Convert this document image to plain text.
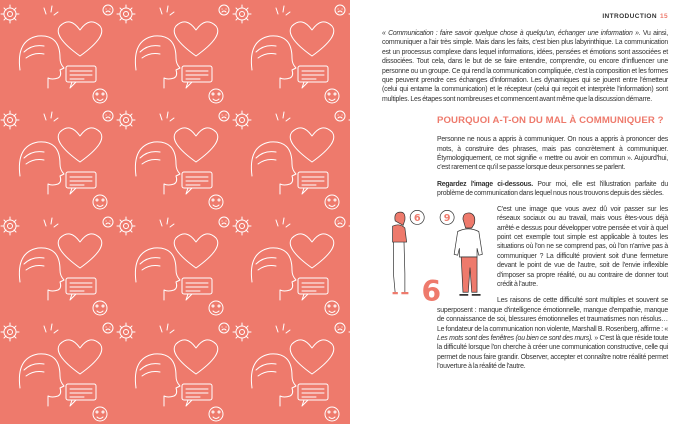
INTRODUCTION 15

« Communication : faire savoir quelque chose à quelqu'un, échanger une information ». Vu ainsi, communiquer a l'air très simple. Mais dans les faits, c'est bien plus labyrinthique. La communication est un processus complexe dans lequel informations, idées, pensées et émotions sont associées et dissociées. Tout cela, dans le but de se faire entendre, comprendre, ou encore d'influencer une personne ou un groupe. Ce qui rend la communication compliquée, c'est la composition et les formes que peuvent prendre ces échanges d'information. Les dynamiques qui se jouent entre l'émetteur (celui qui entame la communication) et le récepteur (celui qui reçoit et interprète l'information) sont multiples. Les étapes sont nombreuses et commencent avant même que la discussion démarre.

POURQUOI A-T-ON DU MAL À COMMUNIQUER ?

Personne ne nous a appris à communiquer. On nous a appris à prononcer des mots, à construire des phrases, mais pas concrètement à communiquer. Étymologiquement, ce mot signifie « mettre ou avoir en commun ». Aujourd'hui, c'est rarement ce qu'il se passe lorsque deux personnes se parlent.

Regardez l'image ci-dessous. Pour moi, elle est l'illustration parfaite du problème de communication dans lequel nous nous trouvons depuis des siècles.

6 9
6

C'est une image que vous avez dû voir passer sur les réseaux sociaux ou au travail, mais vous êtes-vous déjà arrêté·e dessus pour développer votre pensée et voir à quel point cet exemple tout simple est applicable à toutes les situations où l'on ne se comprend pas, où l'on n'arrive pas à communiquer ? La difficulté provient soit d'une fermeture devant le point de vue de l'autre, soit de l'envie inflexible d'imposer sa propre réalité, ou au contraire de donner tout crédit à l'autre.

Les raisons de cette difficulté sont multiples et souvent se superposent : manque d'intelligence émotionnelle, manque d'empathie, manque de connaissance de soi, blessures émotionnelles et traumatismes non résolus… Le fondateur de la communication non violente, Marshall B. Rosenberg, affirme : « Les mots sont des fenêtres (ou bien ce sont des murs). » C'est là que réside toute la difficulté lorsque l'on cherche à créer une communication constructive, celle qui permet de nous faire grandir. Observer, accepter et connaître notre réalité permet l'ouverture à la réalité de l'autre.
